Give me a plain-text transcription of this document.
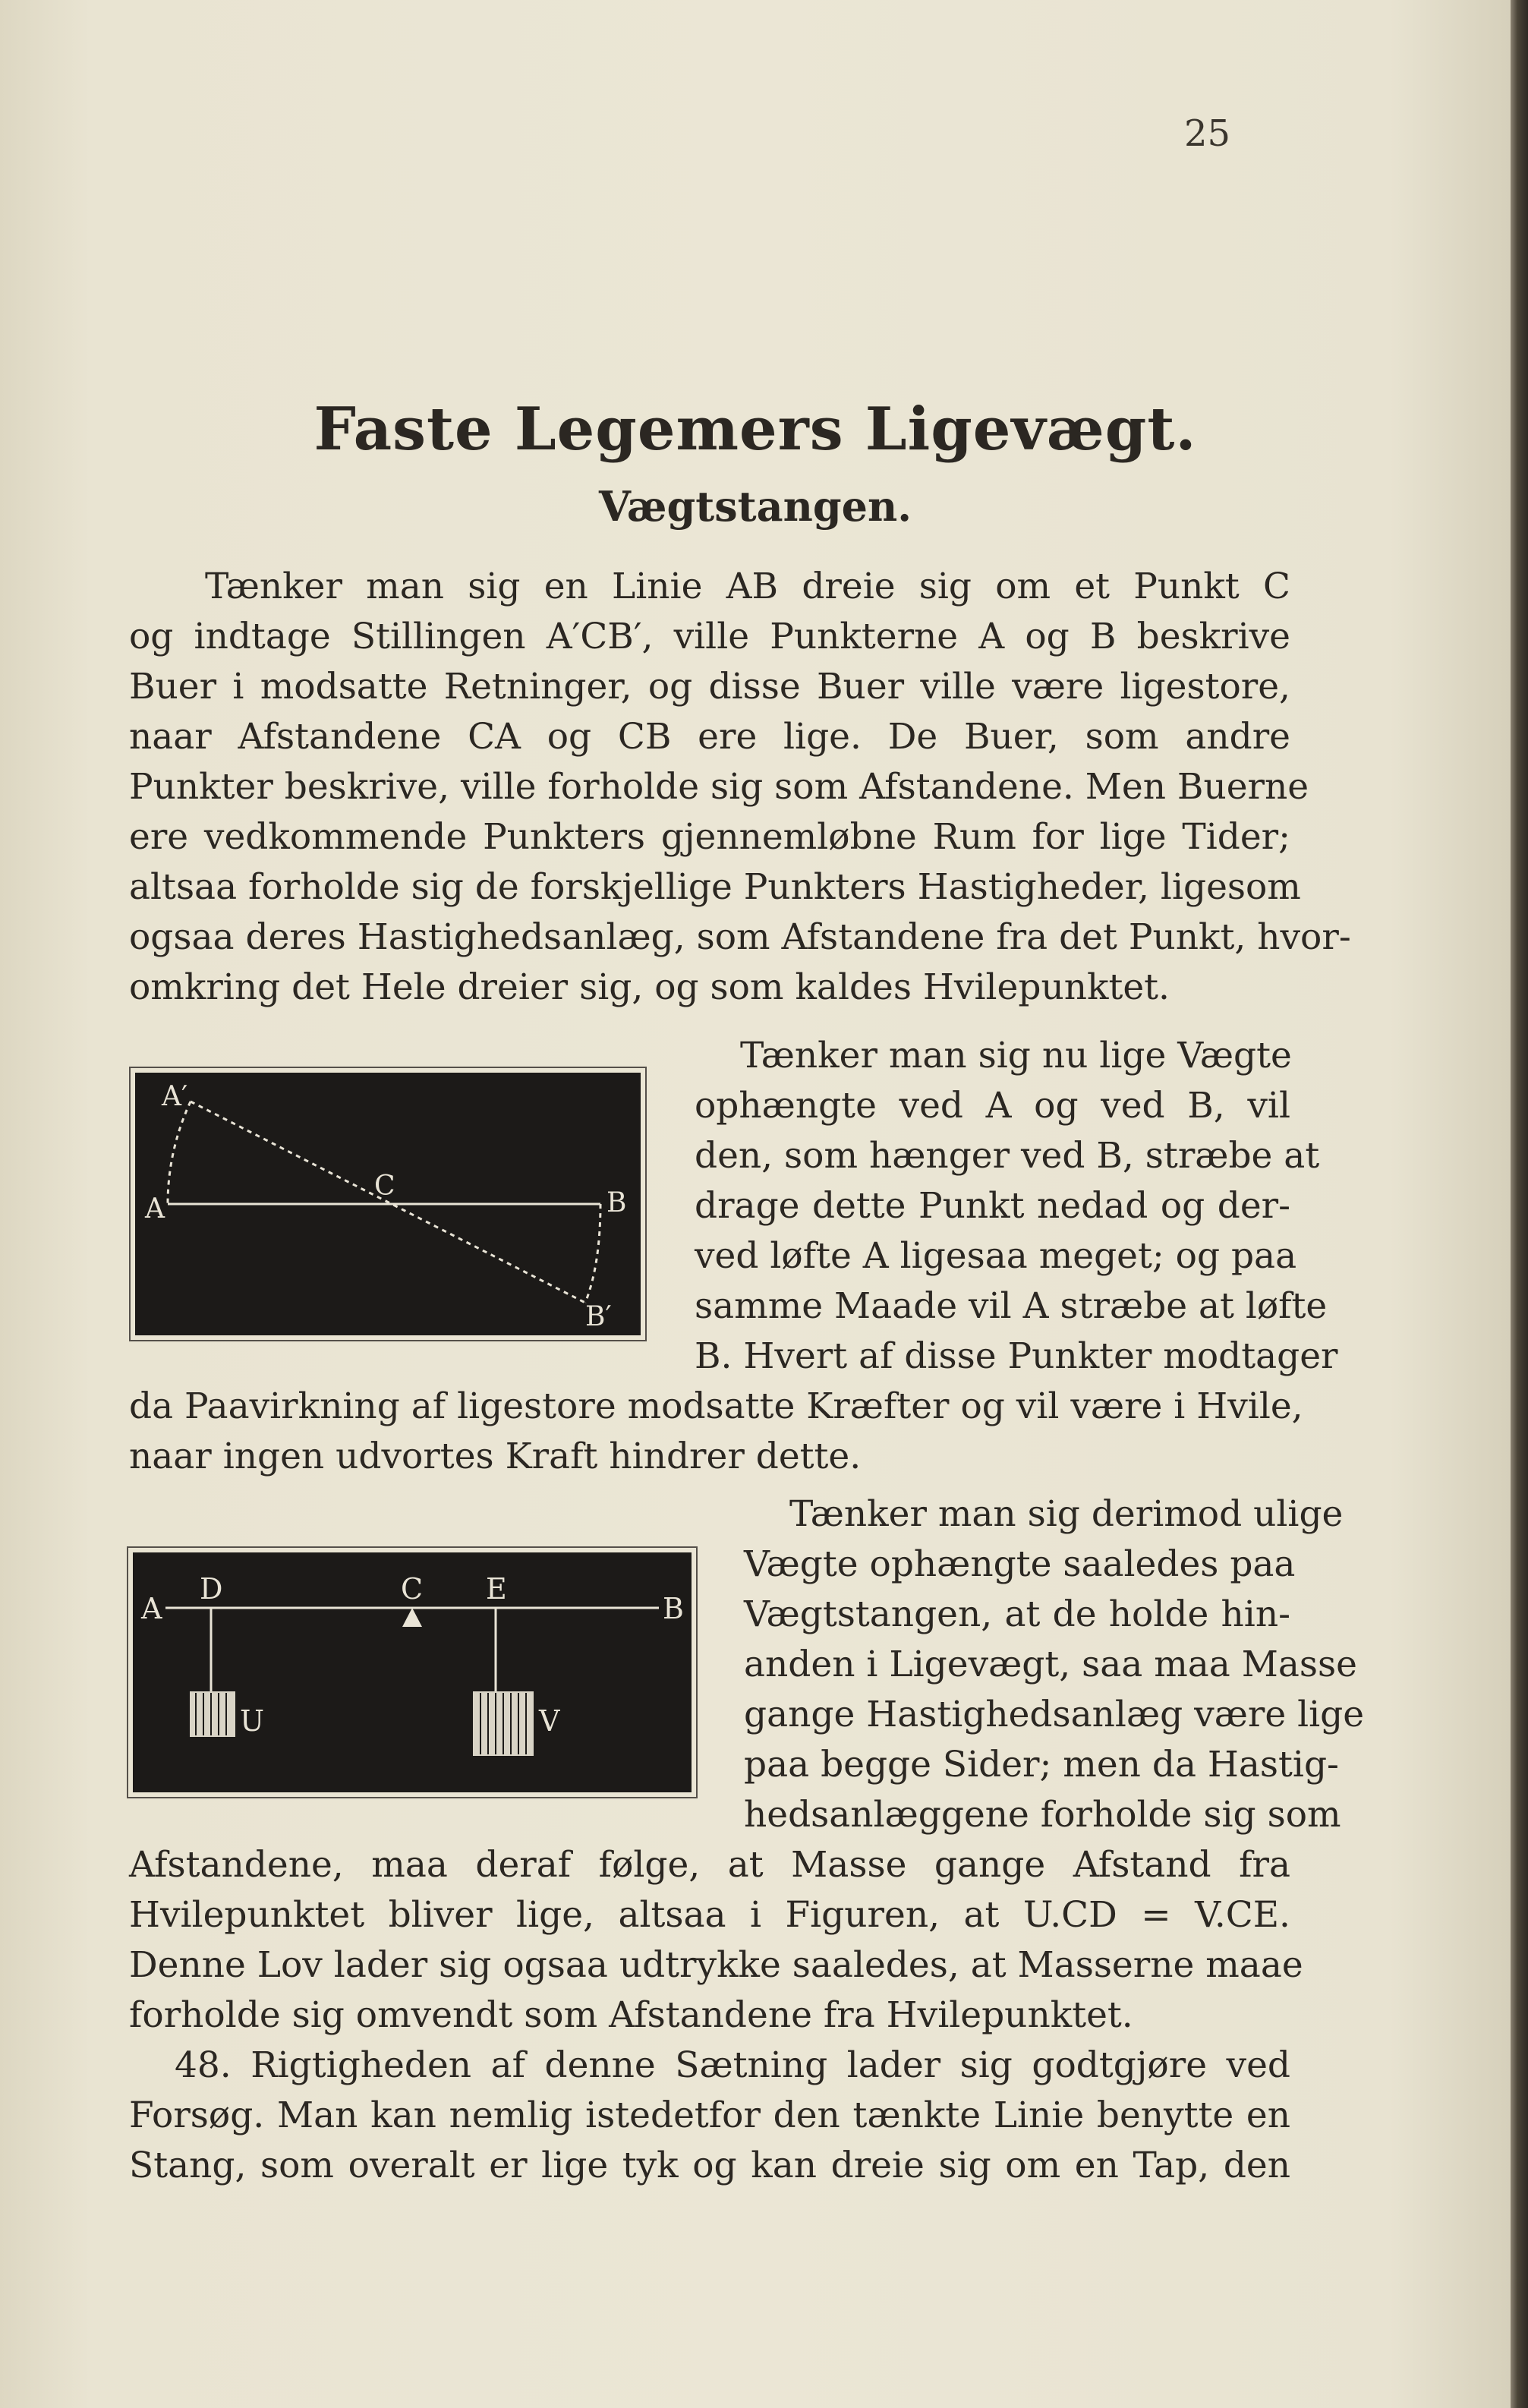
25
Faste Legemers Ligevægt.
Vægtstangen.
Tænker man sig en Linie AB dreie sig om et Punkt C
og indtage Stillingen A′CB′, ville Punkterne A og B beskrive
Buer i modsatte Retninger, og disse Buer ville være ligestore,
naar Afstandene CA og CB ere lige. De Buer, som andre
Punkter beskrive, ville forholde sig som Afstandene. Men Buerne
ere vedkommende Punkters gjennemløbne Rum for lige Tider;
altsaa forholde sig de forskjellige Punkters Hastigheder, ligesom
ogsaa deres Hastighedsanlæg, som Afstandene fra det Punkt, hvor-
omkring det Hele dreier sig, og som kaldes Hvilepunktet.
A′
A
C
B
B′
Tænker man sig nu lige Vægte
ophængte ved A og ved B, vil
den, som hænger ved B, stræbe at
drage dette Punkt nedad og der-
ved løfte A ligesaa meget; og paa
samme Maade vil A stræbe at løfte
B. Hvert af disse Punkter modtager
da Paavirkning af ligestore modsatte Kræfter og vil være i Hvile,
naar ingen udvortes Kraft hindrer dette.
A
D	C E
B
U	V
Tænker man sig derimod ulige
Vægte ophængte saaledes paa
Vægtstangen, at de holde hin-
anden i Ligevægt, saa maa Masse
gange Hastighedsanlæg være lige
paa begge Sider; men da Hastig-
hedsanlæggene forholde sig som
Afstandene, maa deraf følge, at Masse gange Afstand fra
Hvilepunktet bliver lige, altsaa i Figuren, at U.CD = V.CE.
Denne Lov lader sig ogsaa udtrykke saaledes, at Masserne maae
forholde sig omvendt som Afstandene fra Hvilepunktet.
48. Rigtigheden af denne Sætning lader sig godtgjøre ved
Forsøg. Man kan nemlig istedetfor den tænkte Linie benytte en
Stang, som overalt er lige tyk og kan dreie sig om en Tap, den
